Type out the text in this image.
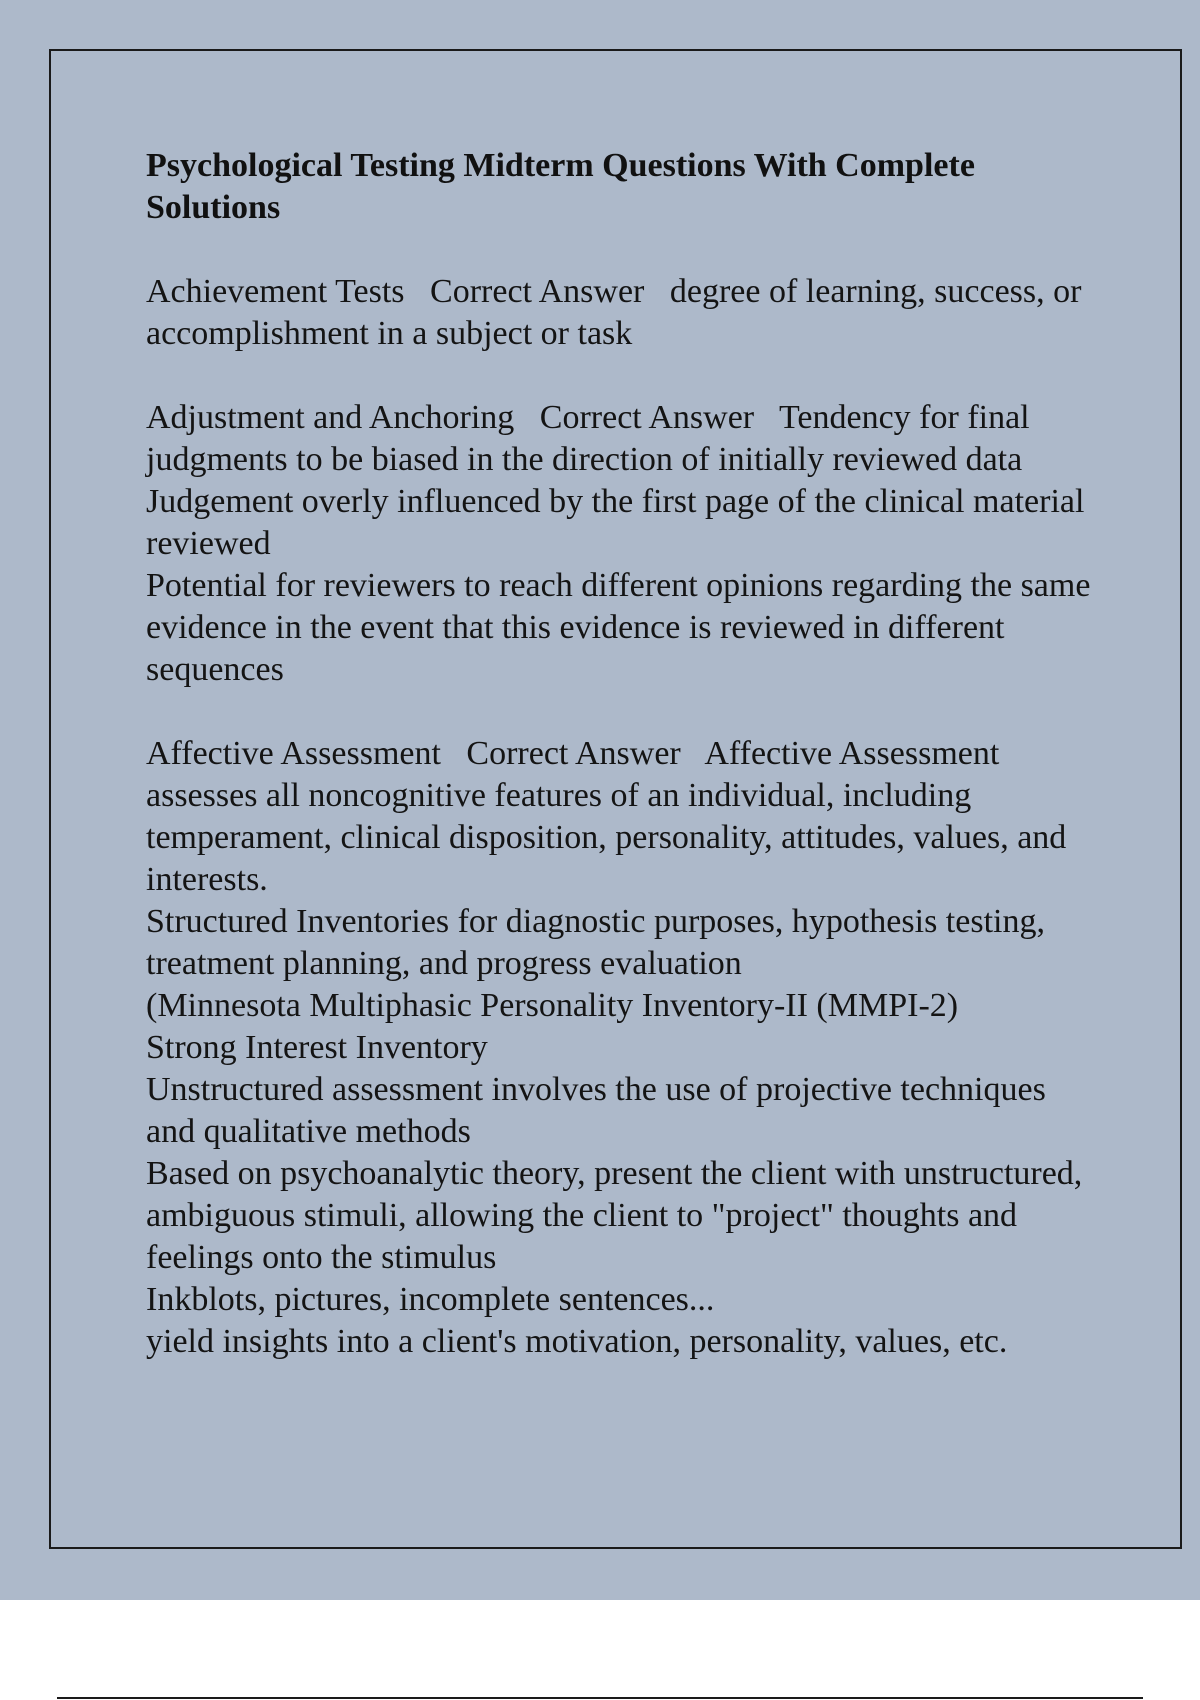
Psychological Testing Midterm Questions With Complete Solutions

Achievement Tests   Correct Answer   degree of learning, success, or accomplishment in a subject or task

Adjustment and Anchoring   Correct Answer   Tendency for final judgments to be biased in the direction of initially reviewed data

Judgement overly influenced by the first page of the clinical material reviewed

Potential for reviewers to reach different opinions regarding the same evidence in the event that this evidence is reviewed in different sequences

Affective Assessment   Correct Answer   Affective Assessment assesses all noncognitive features of an individual, including temperament, clinical disposition, personality, attitudes, values, and interests.

Structured Inventories for diagnostic purposes, hypothesis testing, treatment planning, and progress evaluation

(Minnesota Multiphasic Personality Inventory-II (MMPI-2)

Strong Interest Inventory

Unstructured assessment involves the use of projective techniques and qualitative methods

Based on psychoanalytic theory, present the client with unstructured, ambiguous stimuli, allowing the client to "project" thoughts and feelings onto the stimulus

Inkblots, pictures, incomplete sentences...

yield insights into a client's motivation, personality, values, etc.
